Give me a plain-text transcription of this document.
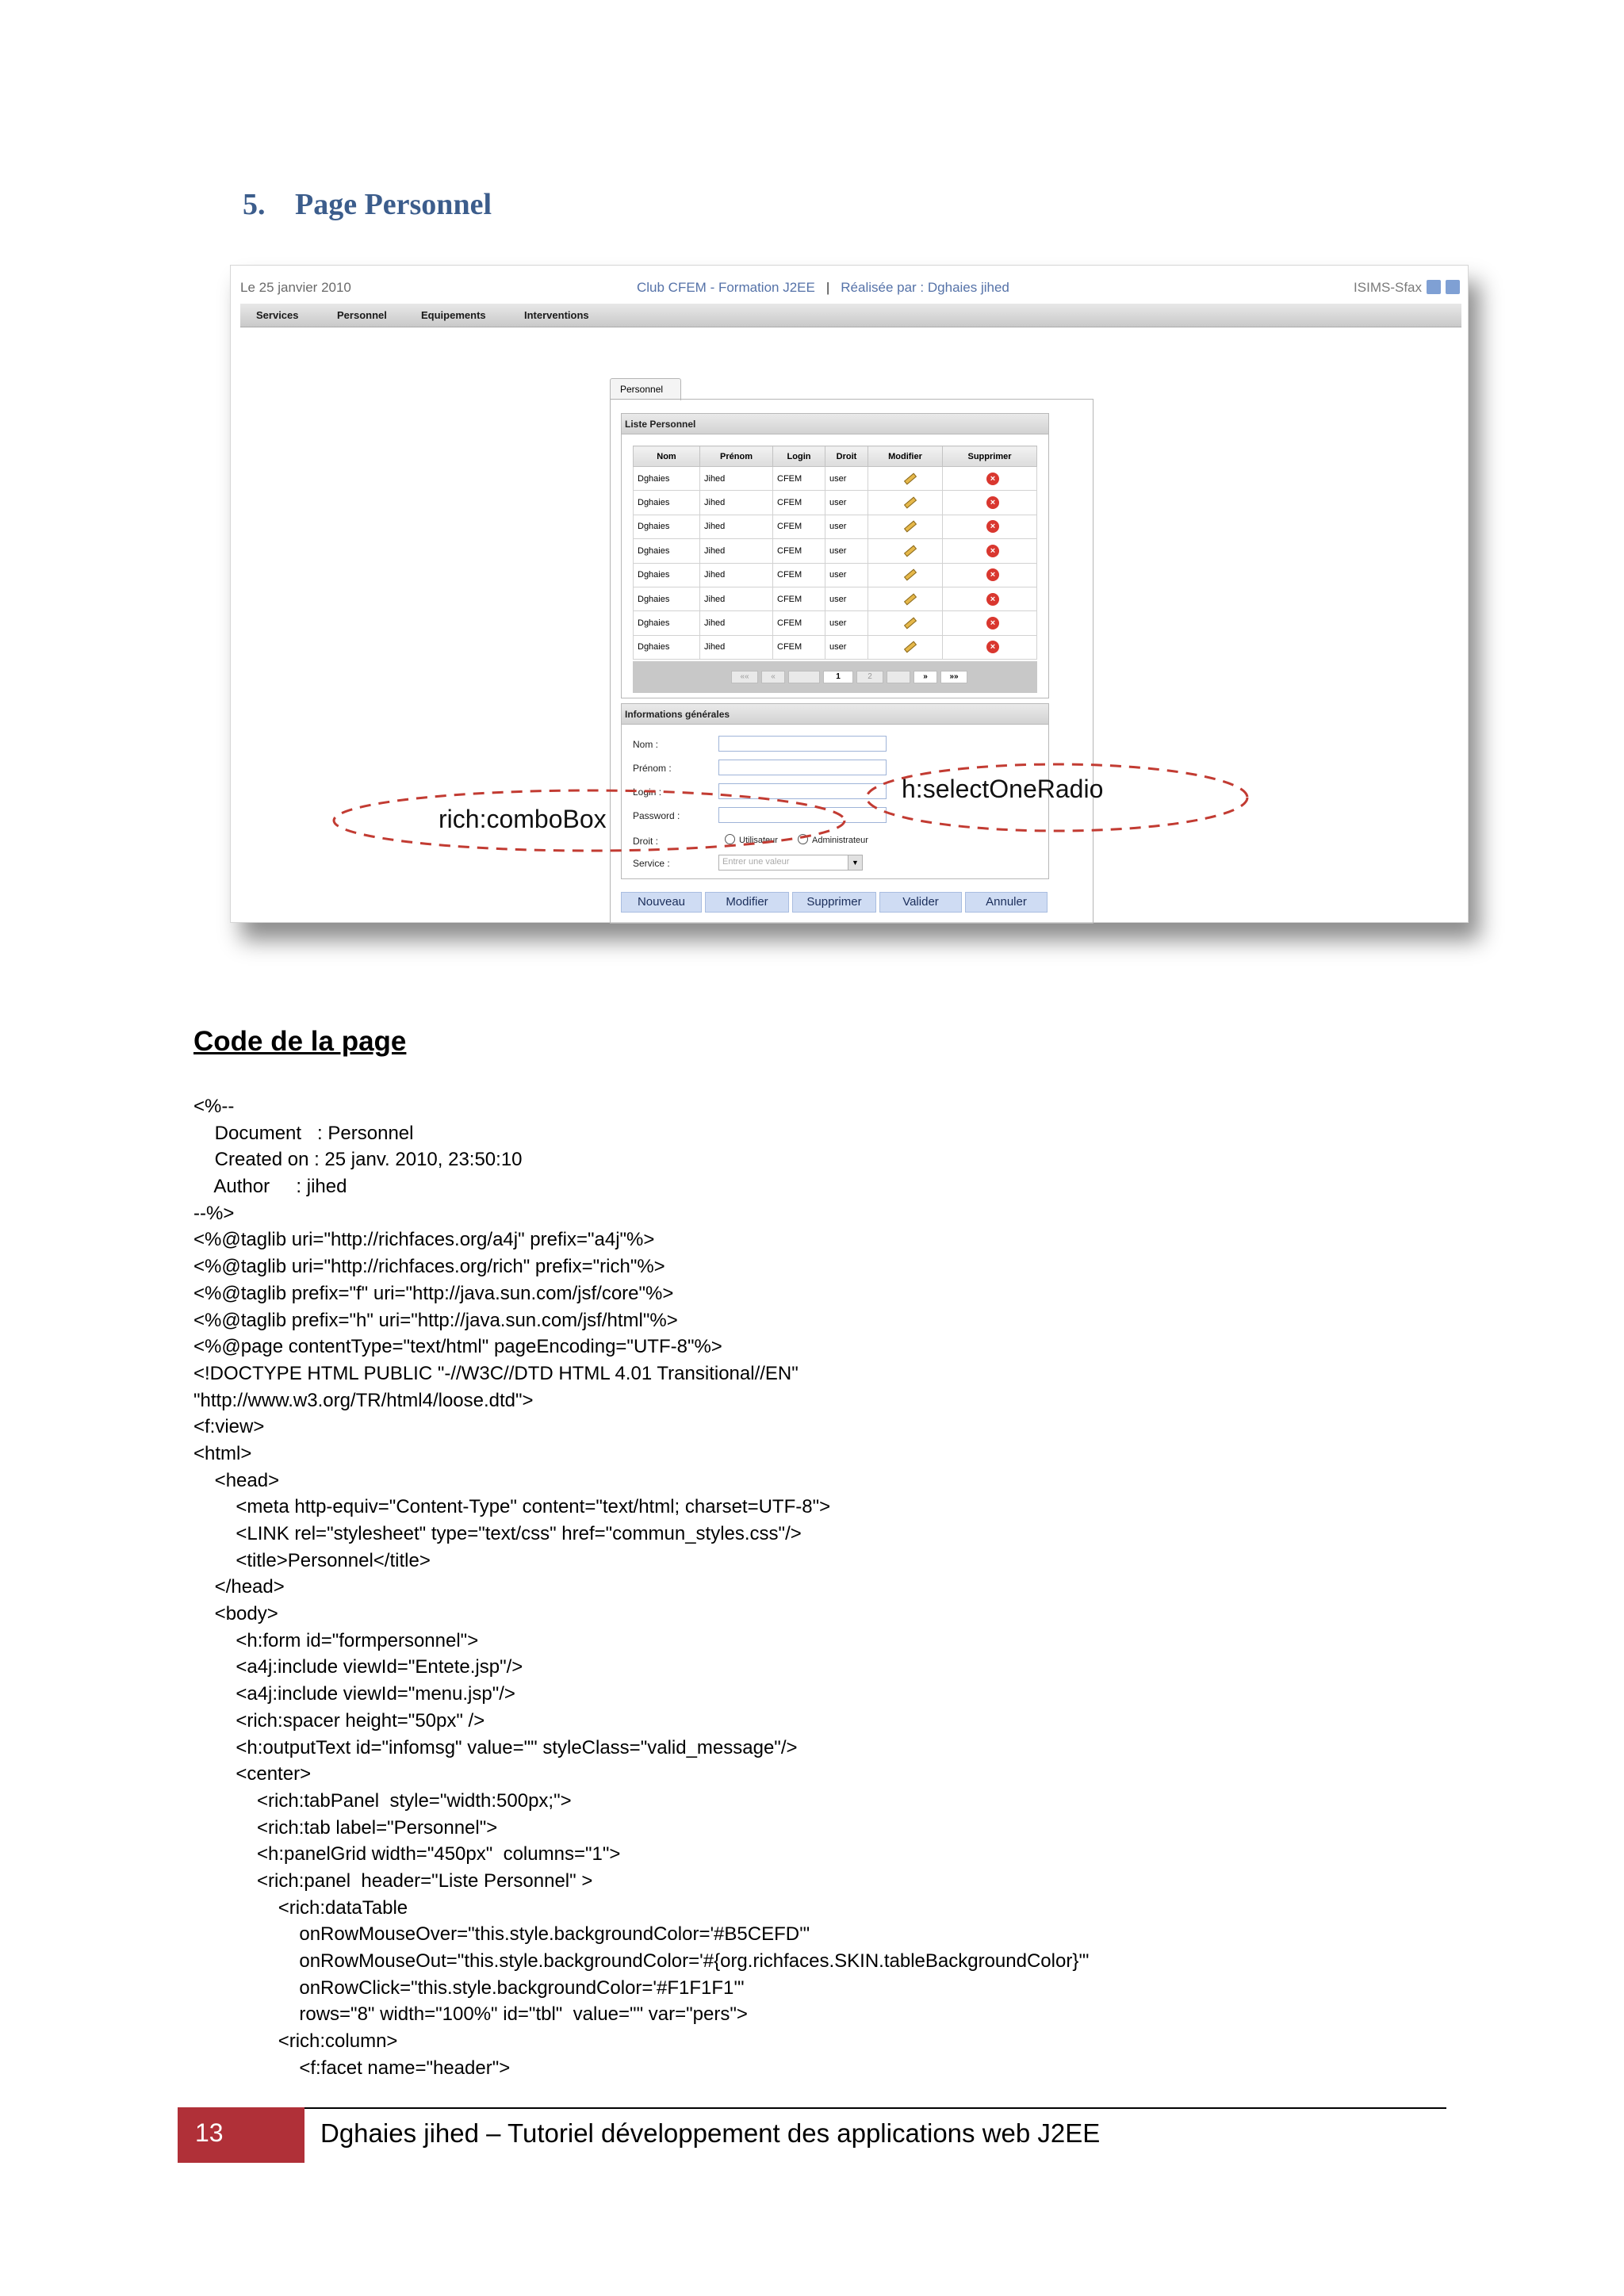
5. Page Personnel
Le 25 janvier 2010	Club CFEM - Formation J2EE | Réalisée par : Dghaies jihed	ISIMS-Sfax
Services	Personnel	Equipements	Interventions
Personnel
Liste Personnel
Nom	Prénom	Login	Droit	Modifier	Supprimer
Dghaies	Jihed	CFEM	user		×
Dghaies	Jihed	CFEM	user		×
Dghaies	Jihed	CFEM	user		×
Dghaies	Jihed	CFEM	user		×
Dghaies	Jihed	CFEM	user		×
Dghaies	Jihed	CFEM	user		×
Dghaies	Jihed	CFEM	user		×
Dghaies	Jihed	CFEM	user		×
««	«	1	2	»	»»
Informations générales
Nom :
Prénom :
Login :
Password :
Droit :	Utilisateur	Administrateur
Service :	Entrer une valeur	▼
Nouveau	Modifier	Supprimer	Valider	Annuler
rich:comboBox
h:selectOneRadio
Code de la page
<%--
Document   : Personnel
Created on : 25 janv. 2010, 23:50:10
Author     : jihed
--%>
<%@taglib uri="http://richfaces.org/a4j" prefix="a4j"%>
<%@taglib uri="http://richfaces.org/rich" prefix="rich"%>
<%@taglib prefix="f" uri="http://java.sun.com/jsf/core"%>
<%@taglib prefix="h" uri="http://java.sun.com/jsf/html"%>
<%@page contentType="text/html" pageEncoding="UTF-8"%>
<!DOCTYPE HTML PUBLIC "-//W3C//DTD HTML 4.01 Transitional//EN"
"http://www.w3.org/TR/html4/loose.dtd">
<f:view>
<html>
<head>
<meta http-equiv="Content-Type" content="text/html; charset=UTF-8">
<LINK rel="stylesheet" type="text/css" href="commun_styles.css"/>
<title>Personnel</title>
</head>
<body>
<h:form id="formpersonnel">
<a4j:include viewId="Entete.jsp"/>
<a4j:include viewId="menu.jsp"/>
<rich:spacer height="50px" />
<h:outputText id="infomsg" value="" styleClass="valid_message"/>
<center>
<rich:tabPanel  style="width:500px;">
<rich:tab label="Personnel">
<h:panelGrid width="450px"  columns="1">
<rich:panel  header="Liste Personnel" >
<rich:dataTable
onRowMouseOver="this.style.backgroundColor='#B5CEFD'"
onRowMouseOut="this.style.backgroundColor='#{org.richfaces.SKIN.tableBackgroundColor}'"
onRowClick="this.style.backgroundColor='#F1F1F1'"
rows="8" width="100%" id="tbl"  value="" var="pers">
<rich:column>
<f:facet name="header">
13	Dghaies jihed – Tutoriel développement des applications web J2EE
